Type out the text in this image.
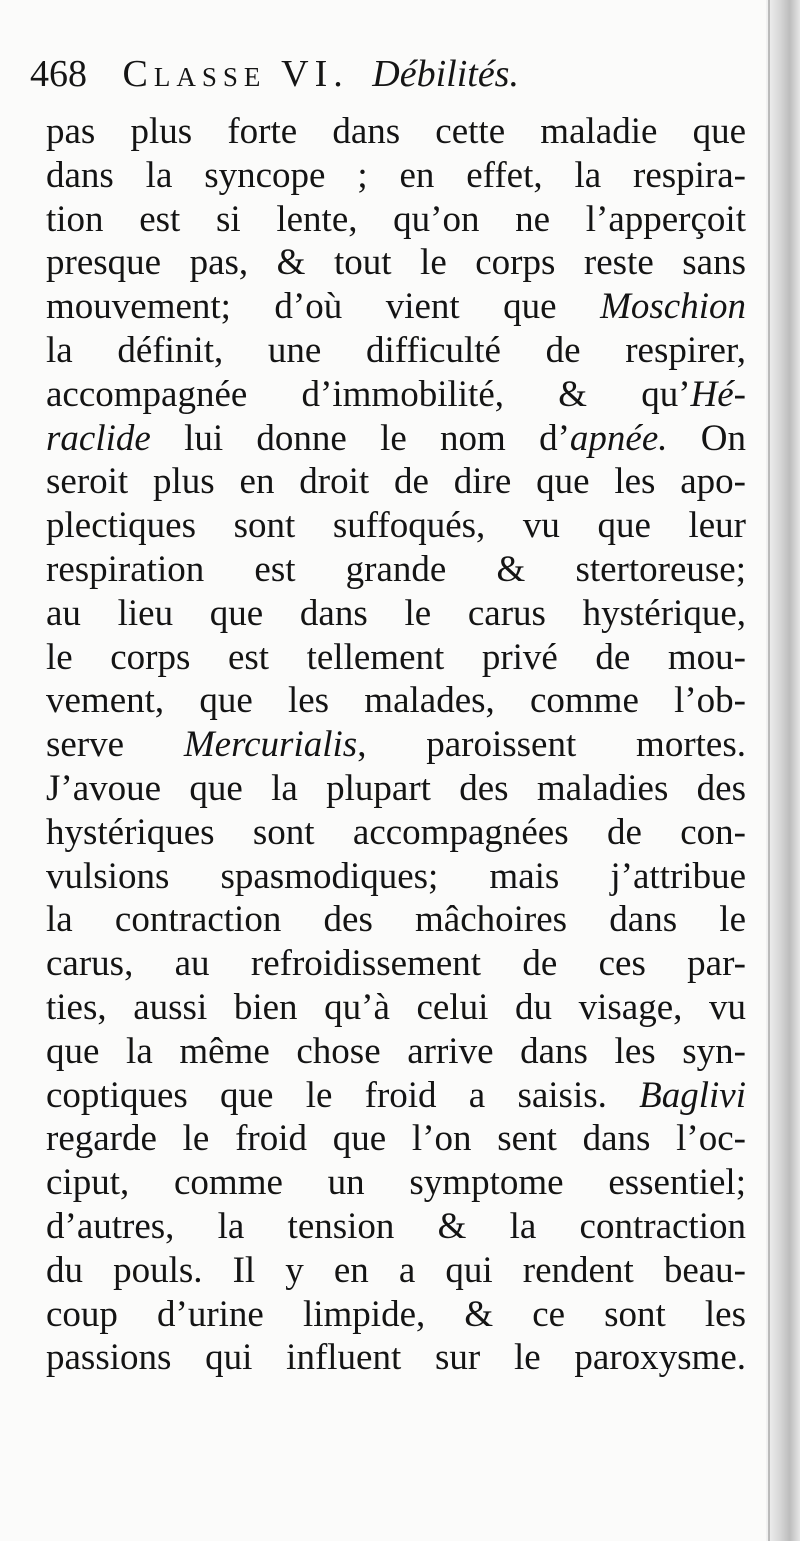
468 Classe VI. Débilités.
pas plus forte dans cette maladie que
dans la syncope ; en effet, la respira-
tion est si lente, qu’on ne l’apperçoit
presque pas, & tout le corps reste sans
mouvement; d’où vient que Moschion
la définit, une difficulté de respirer,
accompagnée d’immobilité, & qu’Hé-
raclide lui donne le nom d’apnée. On
seroit plus en droit de dire que les apo-
plectiques sont suffoqués, vu que leur
respiration est grande & stertoreuse;
au lieu que dans le carus hystérique,
le corps est tellement privé de mou-
vement, que les malades, comme l’ob-
serve Mercurialis, paroissent mortes.
J’avoue que la plupart des maladies des
hystériques sont accompagnées de con-
vulsions spasmodiques; mais j’attribue
la contraction des mâchoires dans le
carus, au refroidissement de ces par-
ties, aussi bien qu’à celui du visage, vu
que la même chose arrive dans les syn-
coptiques que le froid a saisis. Baglivi
regarde le froid que l’on sent dans l’oc-
ciput, comme un symptome essentiel;
d’autres, la tension & la contraction
du pouls. Il y en a qui rendent beau-
coup d’urine limpide, & ce sont les
passions qui influent sur le paroxysme.
